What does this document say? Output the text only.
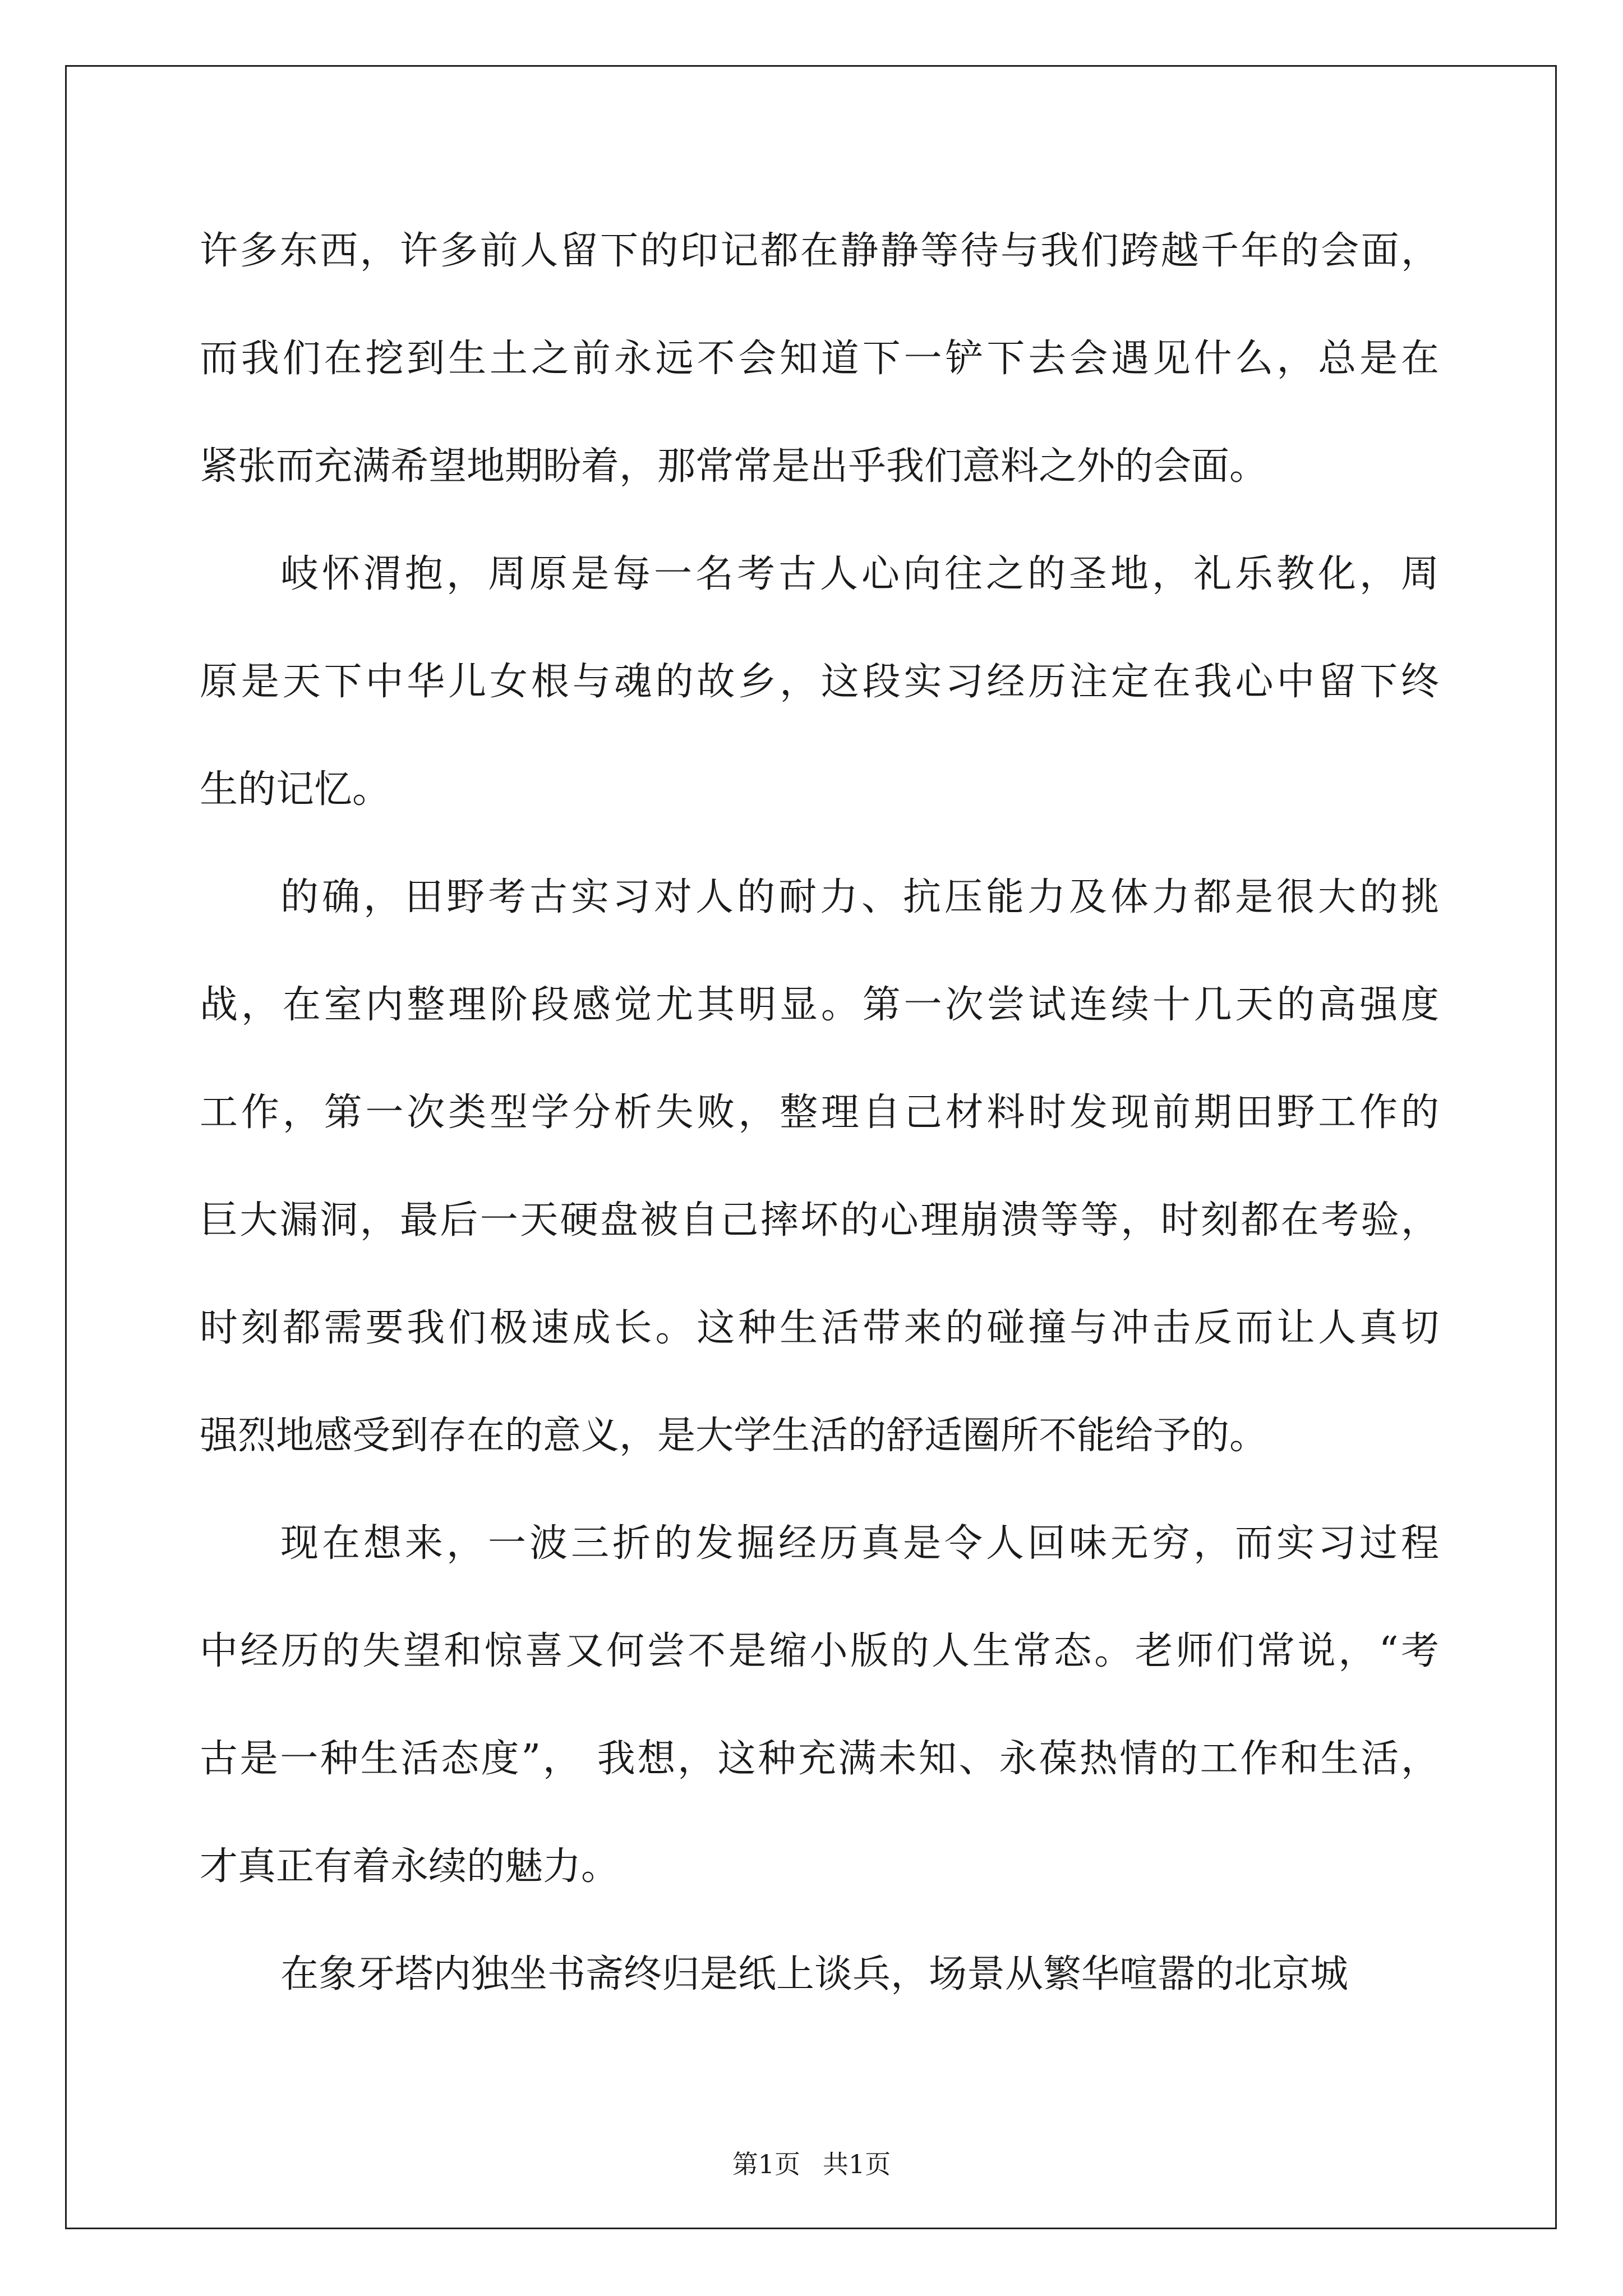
许多东西，许多前人留下的印记都在静静等待与我们跨越千年的会面，
而我们在挖到生土之前永远不会知道下一铲下去会遇见什么，总是在
紧张而充满希望地期盼着，那常常是出乎我们意料之外的会面。
岐怀渭抱，周原是每一名考古人心向往之的圣地，礼乐教化，周
原是天下中华儿女根与魂的故乡，这段实习经历注定在我心中留下终
生的记忆。
的确，田野考古实习对人的耐力、抗压能力及体力都是很大的挑
战，在室内整理阶段感觉尤其明显。第一次尝试连续十几天的高强度
工作，第一次类型学分析失败，整理自己材料时发现前期田野工作的
巨大漏洞，最后一天硬盘被自己摔坏的心理崩溃等等，时刻都在考验，
时刻都需要我们极速成长。这种生活带来的碰撞与冲击反而让人真切
强烈地感受到存在的意义，是大学生活的舒适圈所不能给予的。
现在想来，一波三折的发掘经历真是令人回味无穷，而实习过程
中经历的失望和惊喜又何尝不是缩小版的人生常态。老师们常说，“考
古是一种生活态度”， 我想，这种充满未知、永葆热情的工作和生活，
才真正有着永续的魅力。
在象牙塔内独坐书斋终归是纸上谈兵，场景从繁华喧嚣的北京城
第1页 共1页
